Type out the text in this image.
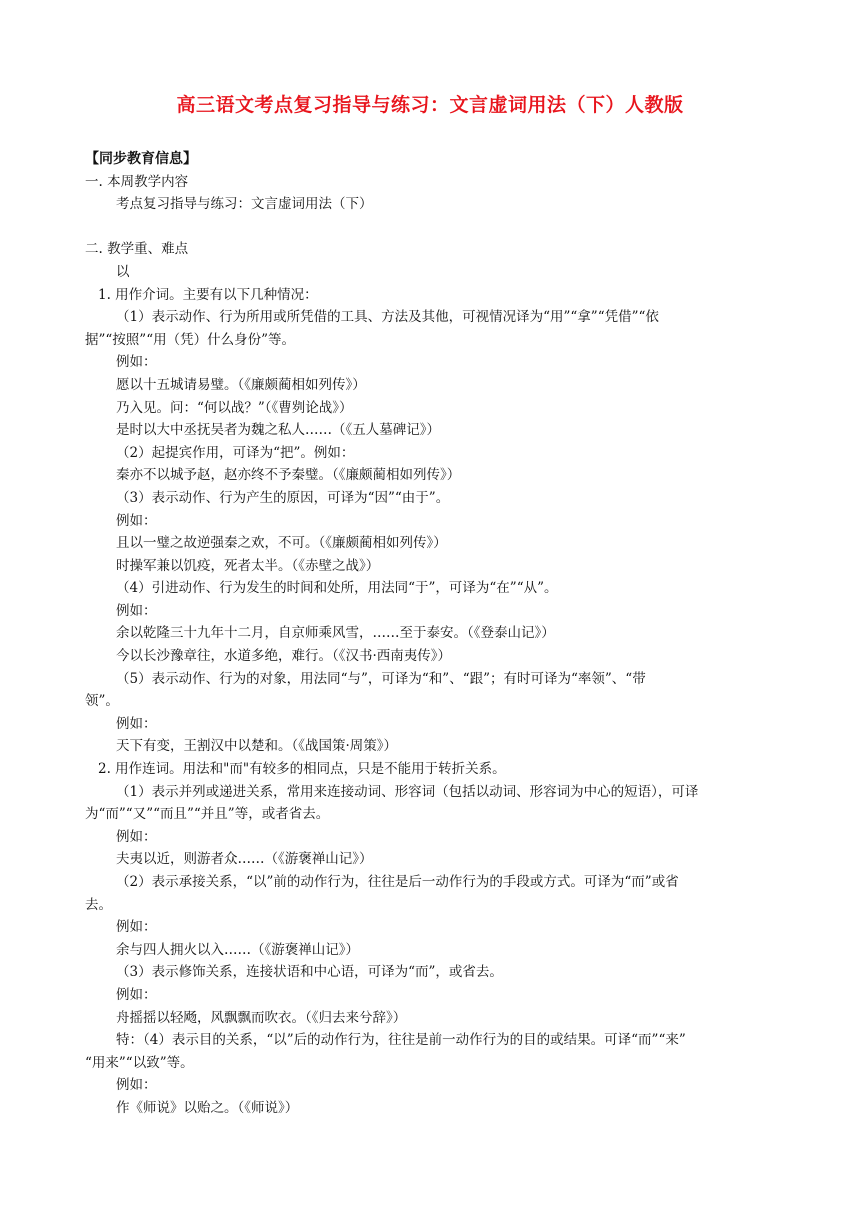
高三语文考点复习指导与练习：文言虚词用法（下）人教版
【同步教育信息】
一. 本周教学内容
考点复习指导与练习：文言虚词用法（下）
二. 教学重、难点
以
1. 用作介词。主要有以下几种情况：
（1）表示动作、行为所用或所凭借的工具、方法及其他，可视情况译为“用”“拿”“凭借”“依
据”“按照”“用（凭）什么身份”等。
例如：
愿以十五城请易璧。（《廉颇蔺相如列传》）
乃入见。问：“何以战？”（《曹刿论战》）
是时以大中丞抚吴者为魏之私人……（《五人墓碑记》）
（2）起提宾作用，可译为“把”。例如：
秦亦不以城予赵，赵亦终不予秦璧。（《廉颇蔺相如列传》）
（3）表示动作、行为产生的原因，可译为“因”“由于”。
例如：
且以一璧之故逆强秦之欢，不可。（《廉颇蔺相如列传》）
时操军兼以饥疫，死者太半。（《赤壁之战》）
（4）引进动作、行为发生的时间和处所，用法同“于”，可译为“在”“从”。
例如：
余以乾隆三十九年十二月，自京师乘风雪，……至于泰安。（《登泰山记》）
今以长沙豫章往，水道多绝，难行。（《汉书·西南夷传》）
（5）表示动作、行为的对象，用法同“与”，可译为“和”、“跟”；有时可译为“率领”、“带
领”。
例如：
天下有变，王割汉中以楚和。（《战国策·周策》）
2. 用作连词。用法和"而"有较多的相同点，只是不能用于转折关系。
（1）表示并列或递进关系，常用来连接动词、形容词（包括以动词、形容词为中心的短语），可译
为“而”“又”“而且”“并且”等，或者省去。
例如：
夫夷以近，则游者众……（《游褒禅山记》）
（2）表示承接关系，“以”前的动作行为，往往是后一动作行为的手段或方式。可译为“而”或省
去。
例如：
余与四人拥火以入……（《游褒禅山记》）
（3）表示修饰关系，连接状语和中心语，可译为“而”，或省去。
例如：
舟摇摇以轻飏，风飘飘而吹衣。（《归去来兮辞》）
特：（4）表示目的关系，“以”后的动作行为，往往是前一动作行为的目的或结果。可译“而”“来”
“用来”“以致”等。
例如：
作《师说》以贻之。（《师说》）
